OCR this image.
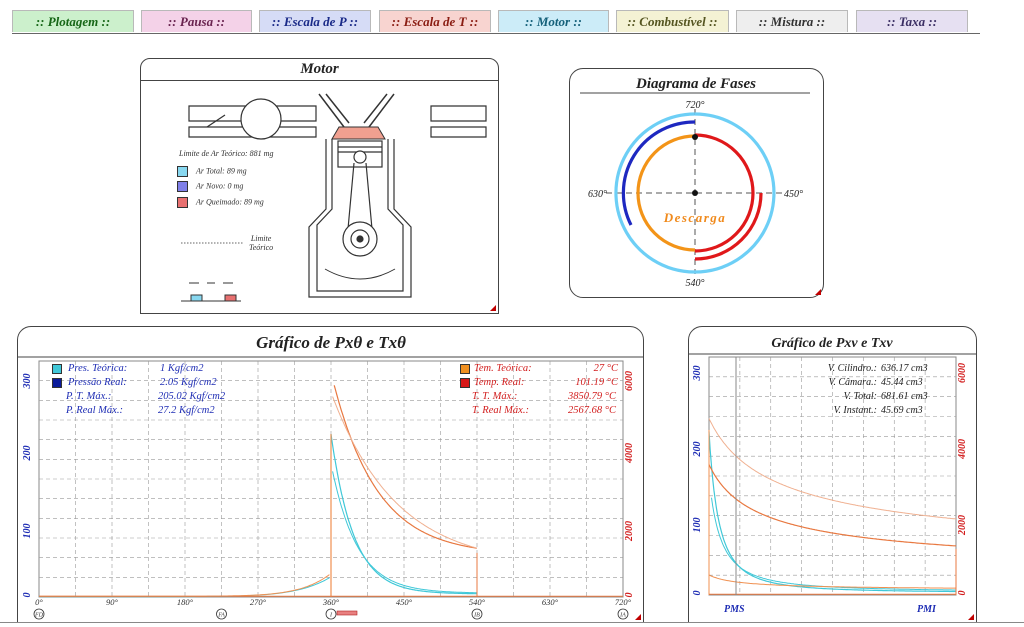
:: Plotagem ::	:: Pausa ::	:: Escala de P ::	:: Escala de T ::	:: Motor ::	:: Combustível ::	:: Mistura ::	:: Taxa ::
Motor
Limite de Ar Teórico: 881 mg
Ar Total: 89 mg
Ar Novo: 0 mg
Ar Queimado: 89 mg
Limite
Teórico
Diagrama de Fases
720°
630°	450°
540°
Descarga
Gráfico de Pxθ e Txθ
300	6000
200	4000
100	2000
0	0
0°	90°	180°	270°	360°	450°	540°	630°	720°
FD	FA	I	IB	IA
Pres. Teórica:	1 Kgf/cm2
Pressão Real:	2.05 Kgf/cm2
P. T. Máx.:	205.02 Kgf/cm2
P. Real Máx.:	27.2 Kgf/cm2
Tem. Teórica:	27 °C
Temp. Real:	101.19 °C
T. T. Máx.:	3850.79 °C
T. Real Máx.:	2567.68 °C
Gráfico de Pxv e Txv
300	6000
200	4000
100	2000
0	0
PMS	PMI
V. Cilindro.: 636.17 cm3
V. Câmara.: 45.44 cm3
V. Total: 681.61 cm3
V. Instant.: 45.69 cm3
